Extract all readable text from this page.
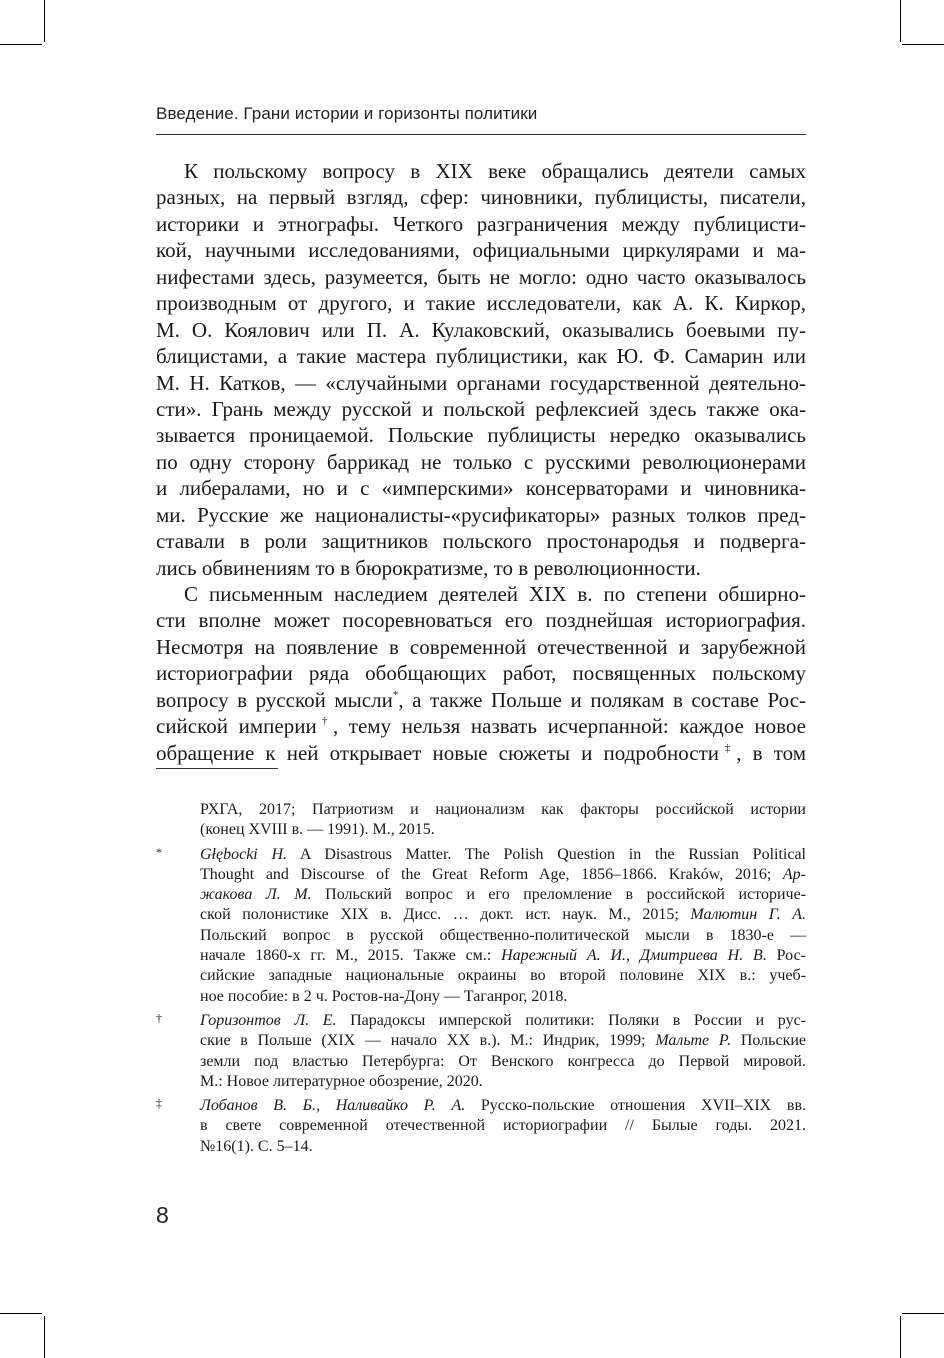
Введение. Грани истории и горизонты политики
К польскому вопросу в XIX веке обращались деятели самых
разных, на первый взгляд, сфер: чиновники, публицисты, писатели,
историки и этнографы. Четкого разграничения между публицисти-
кой, научными исследованиями, официальными циркулярами и ма-
нифестами здесь, разумеется, быть не могло: одно часто оказывалось
производным от другого, и такие исследователи, как А. К. Киркор,
М. О. Коялович или П. А. Кулаковский, оказывались боевыми пу-
блицистами, а такие мастера публицистики, как Ю. Ф. Самарин или
М. Н. Катков, — «случайными органами государственной деятельно-
сти». Грань между русской и польской рефлексией здесь также ока-
зывается проницаемой. Польские публицисты нередко оказывались
по одну сторону баррикад не только с русскими революционерами
и либералами, но и с «имперскими» консерваторами и чиновника-
ми. Русские же националисты-«русификаторы» разных толков пред-
ставали в роли защитников польского простонародья и подверга-
лись обвинениям то в бюрократизме, то в революционности.
С письменным наследием деятелей XIX в. по степени обширно-
сти вполне может посоревноваться его позднейшая историография.
Несмотря на появление в современной отечественной и зарубежной
историографии ряда обобщающих работ, посвященных польскому
вопросу в русской мысли*, а также Польше и полякам в составе Рос-
сийской империи†, тему нельзя назвать исчерпанной: каждое новое
обращение к ней открывает новые сюжеты и подробности‡, в том
РХГА, 2017; Патриотизм и национализм как факторы российской истории
(конец XVIII в. — 1991). М., 2015.
* Głębocki H. A Disastrous Matter. The Polish Question in the Russian Political
Thought and Discourse of the Great Reform Age, 1856–1866. Kraków, 2016; Ар-
жакова Л. М. Польский вопрос и его преломление в российской историче-
ской полонистике XIX в. Дисс. … докт. ист. наук. М., 2015; Малютин Г. А.
Польский вопрос в русской общественно-политической мысли в 1830-е —
начале 1860-х гг. М., 2015. Также см.: Нарежный А. И., Дмитриева Н. В. Рос-
сийские западные национальные окраины во второй половине XIX в.: учеб-
ное пособие: в 2 ч. Ростов-на-Дону — Таганрог, 2018.
† Горизонтов Л. Е. Парадоксы имперской политики: Поляки в России и рус-
ские в Польше (XIX — начало XX в.). М.: Индрик, 1999; Мальте Р. Польские
земли под властью Петербурга: От Венского конгресса до Первой мировой.
М.: Новое литературное обозрение, 2020.
‡ Лобанов В. Б., Наливайко Р. А. Русско-польские отношения XVII–XIX вв.
в свете современной отечественной историографии // Былые годы. 2021.
№16(1). С. 5–14.
8
